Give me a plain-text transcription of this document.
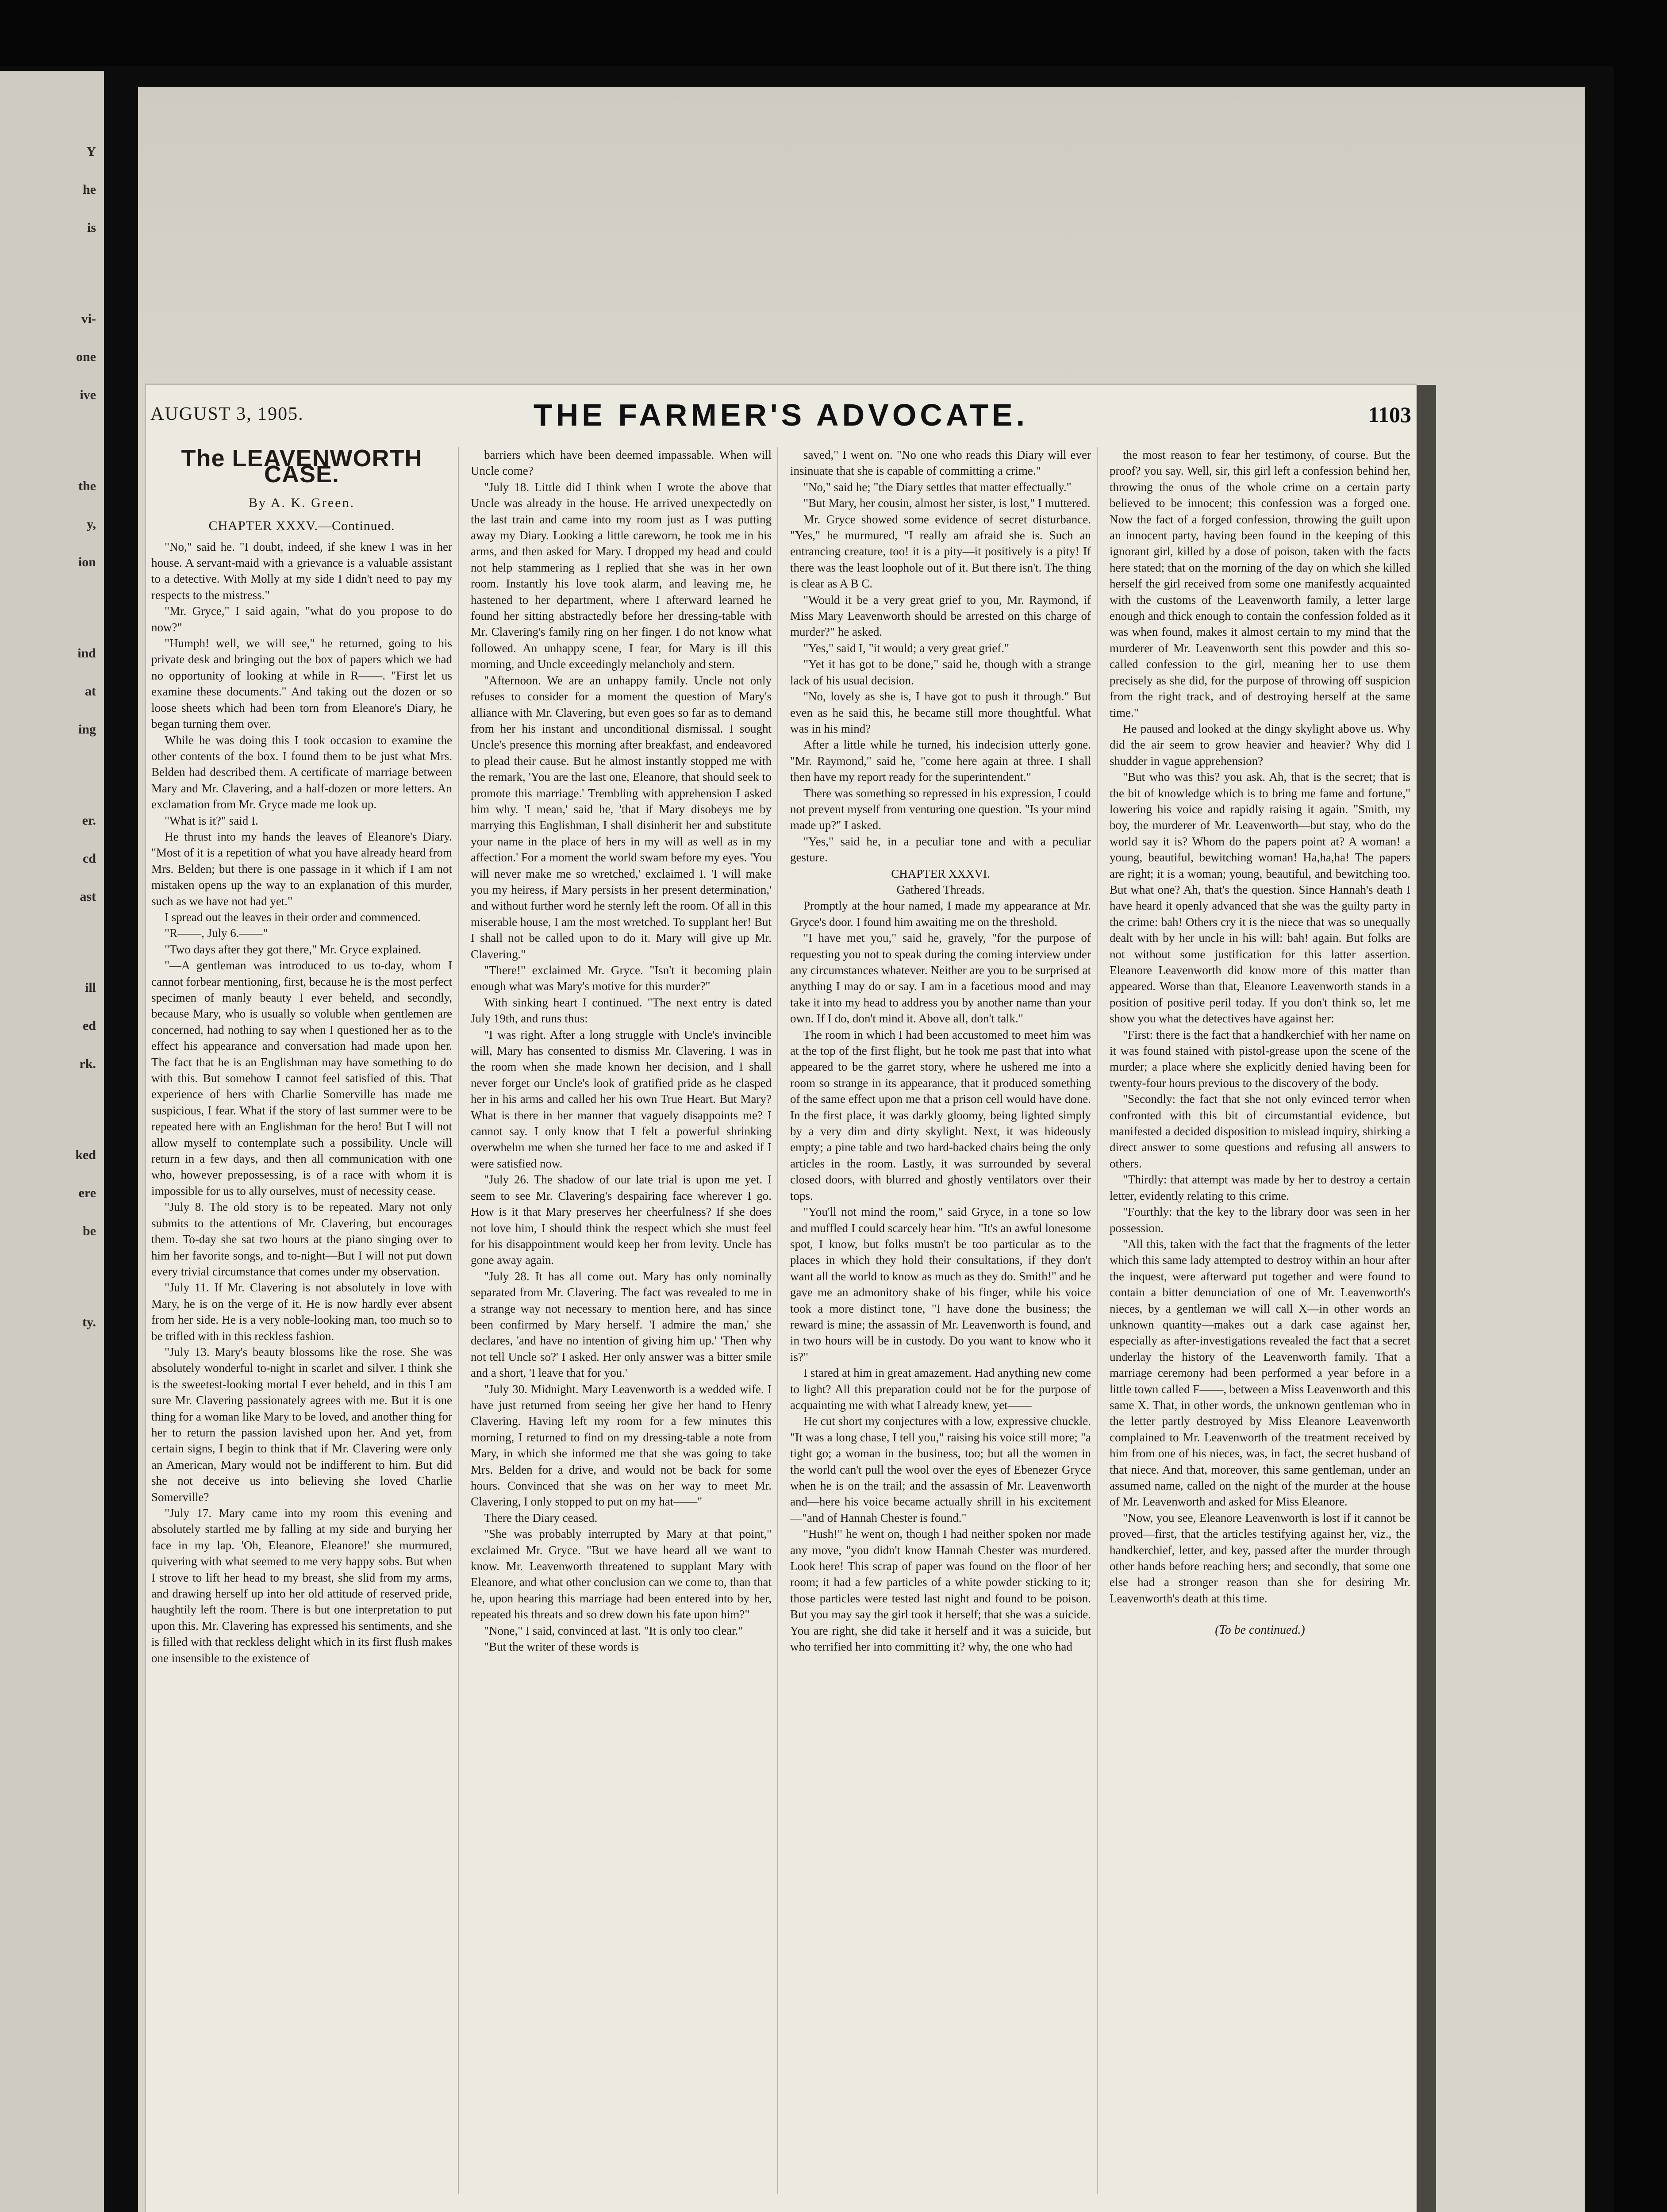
Y
he
is
vi-
one
ive
the
y,
ion
ind
at
ing
er.
cd
ast
ill
ed
rk.
ked
ere
be
ty.
AUGUST 3, 1905.	THE FARMER'S ADVOCATE.	1103
The LEAVENWORTH CASE.
By A. K. Green.
CHAPTER XXXV.—Continued.

"No," said he. "I doubt, indeed, if she knew I was in her house. A servant-maid with a grievance is a valuable assistant to a detective. With Molly at my side I didn't need to pay my respects to the mistress."

"Mr. Gryce," I said again, "what do you propose to do now?"

"Humph! well, we will see," he returned, going to his private desk and bringing out the box of papers which we had no opportunity of looking at while in R——. "First let us examine these documents." And taking out the dozen or so loose sheets which had been torn from Eleanore's Diary, he began turning them over.

While he was doing this I took occasion to examine the other contents of the box. I found them to be just what Mrs. Belden had described them. A certificate of marriage between Mary and Mr. Clavering, and a half-dozen or more letters. An exclamation from Mr. Gryce made me look up.

"What is it?" said I.

He thrust into my hands the leaves of Eleanore's Diary. "Most of it is a repetition of what you have already heard from Mrs. Belden; but there is one passage in it which if I am not mistaken opens up the way to an explanation of this murder, such as we have not had yet."

I spread out the leaves in their order and commenced.

"R——, July 6.——"

"Two days after they got there," Mr. Gryce explained.

"—A gentleman was introduced to us to-day, whom I cannot forbear mentioning, first, because he is the most perfect specimen of manly beauty I ever beheld, and secondly, because Mary, who is usually so voluble when gentlemen are concerned, had nothing to say when I questioned her as to the effect his appearance and conversation had made upon her. The fact that he is an Englishman may have something to do with this. But somehow I cannot feel satisfied of this. That experience of hers with Charlie Somerville has made me suspicious, I fear. What if the story of last summer were to be repeated here with an Englishman for the hero! But I will not allow myself to contemplate such a possibility. Uncle will return in a few days, and then all communication with one who, however prepossessing, is of a race with whom it is impossible for us to ally ourselves, must of necessity cease.

"July 8. The old story is to be repeated. Mary not only submits to the attentions of Mr. Clavering, but encourages them. To-day she sat two hours at the piano singing over to him her favorite songs, and to-night—But I will not put down every trivial circumstance that comes under my observation.

"July 11. If Mr. Clavering is not absolutely in love with Mary, he is on the verge of it. He is now hardly ever absent from her side. He is a very noble-looking man, too much so to be trifled with in this reckless fashion.

"July 13. Mary's beauty blossoms like the rose. She was absolutely wonderful to-night in scarlet and silver. I think she is the sweetest-looking mortal I ever beheld, and in this I am sure Mr. Clavering passionately agrees with me. But it is one thing for a woman like Mary to be loved, and another thing for her to return the passion lavished upon her. And yet, from certain signs, I begin to think that if Mr. Clavering were only an American, Mary would not be indifferent to him. But did she not deceive us into believing she loved Charlie Somerville?

"July 17. Mary came into my room this evening and absolutely startled me by falling at my side and burying her face in my lap. 'Oh, Eleanore, Eleanore!' she murmured, quivering with what seemed to me very happy sobs. But when I strove to lift her head to my breast, she slid from my arms, and drawing herself up into her old attitude of reserved pride, haughtily left the room. There is but one interpretation to put upon this. Mr. Clavering has expressed his sentiments, and she is filled with that reckless delight which in its first flush makes one insensible to the existence of

barriers which have been deemed impassable. When will Uncle come?

"July 18. Little did I think when I wrote the above that Uncle was already in the house. He arrived unexpectedly on the last train and came into my room just as I was putting away my Diary. Looking a little careworn, he took me in his arms, and then asked for Mary. I dropped my head and could not help stammering as I replied that she was in her own room. Instantly his love took alarm, and leaving me, he hastened to her department, where I afterward learned he found her sitting abstractedly before her dressing-table with Mr. Clavering's family ring on her finger. I do not know what followed. An unhappy scene, I fear, for Mary is ill this morning, and Uncle exceedingly melancholy and stern.

"Afternoon. We are an unhappy family. Uncle not only refuses to consider for a moment the question of Mary's alliance with Mr. Clavering, but even goes so far as to demand from her his instant and unconditional dismissal. I sought Uncle's presence this morning after breakfast, and endeavored to plead their cause. But he almost instantly stopped me with the remark, 'You are the last one, Eleanore, that should seek to promote this marriage.' Trembling with apprehension I asked him why. 'I mean,' said he, 'that if Mary disobeys me by marrying this Englishman, I shall disinherit her and substitute your name in the place of hers in my will as well as in my affection.' For a moment the world swam before my eyes. 'You will never make me so wretched,' exclaimed I. 'I will make you my heiress, if Mary persists in her present determination,' and without further word he sternly left the room. Of all in this miserable house, I am the most wretched. To supplant her! But I shall not be called upon to do it. Mary will give up Mr. Clavering."

"There!" exclaimed Mr. Gryce. "Isn't it becoming plain enough what was Mary's motive for this murder?"

With sinking heart I continued. "The next entry is dated July 19th, and runs thus:

"I was right. After a long struggle with Uncle's invincible will, Mary has consented to dismiss Mr. Clavering. I was in the room when she made known her decision, and I shall never forget our Uncle's look of gratified pride as he clasped her in his arms and called her his own True Heart. But Mary? What is there in her manner that vaguely disappoints me? I cannot say. I only know that I felt a powerful shrinking overwhelm me when she turned her face to me and asked if I were satisfied now.

"July 26. The shadow of our late trial is upon me yet. I seem to see Mr. Clavering's despairing face wherever I go. How is it that Mary preserves her cheerfulness? If she does not love him, I should think the respect which she must feel for his disappointment would keep her from levity. Uncle has gone away again.

"July 28. It has all come out. Mary has only nominally separated from Mr. Clavering. The fact was revealed to me in a strange way not necessary to mention here, and has since been confirmed by Mary herself. 'I admire the man,' she declares, 'and have no intention of giving him up.' 'Then why not tell Uncle so?' I asked. Her only answer was a bitter smile and a short, 'I leave that for you.'

"July 30. Midnight. Mary Leavenworth is a wedded wife. I have just returned from seeing her give her hand to Henry Clavering. Having left my room for a few minutes this morning, I returned to find on my dressing-table a note from Mary, in which she informed me that she was going to take Mrs. Belden for a drive, and would not be back for some hours. Convinced that she was on her way to meet Mr. Clavering, I only stopped to put on my hat——"

There the Diary ceased.

"She was probably interrupted by Mary at that point," exclaimed Mr. Gryce. "But we have heard all we want to know. Mr. Leavenworth threatened to supplant Mary with Eleanore, and what other conclusion can we come to, than that he, upon hearing this marriage had been entered into by her, repeated his threats and so drew down his fate upon him?"

"None," I said, convinced at last. "It is only too clear."

"But the writer of these words is

saved," I went on. "No one who reads this Diary will ever insinuate that she is capable of committing a crime."

"No," said he; "the Diary settles that matter effectually."

"But Mary, her cousin, almost her sister, is lost," I muttered.

Mr. Gryce showed some evidence of secret disturbance. "Yes," he murmured, "I really am afraid she is. Such an entrancing creature, too! it is a pity—it positively is a pity! If there was the least loophole out of it. But there isn't. The thing is clear as A B C.

"Would it be a very great grief to you, Mr. Raymond, if Miss Mary Leavenworth should be arrested on this charge of murder?" he asked.

"Yes," said I, "it would; a very great grief."

"Yet it has got to be done," said he, though with a strange lack of his usual decision.

"No, lovely as she is, I have got to push it through." But even as he said this, he became still more thoughtful. What was in his mind?

After a little while he turned, his indecision utterly gone. "Mr. Raymond," said he, "come here again at three. I shall then have my report ready for the superintendent."

There was something so repressed in his expression, I could not prevent myself from venturing one question. "Is your mind made up?" I asked.

"Yes," said he, in a peculiar tone and with a peculiar gesture.

CHAPTER XXXVI.

Gathered Threads.

Promptly at the hour named, I made my appearance at Mr. Gryce's door. I found him awaiting me on the threshold.

"I have met you," said he, gravely, "for the purpose of requesting you not to speak during the coming interview under any circumstances whatever. Neither are you to be surprised at anything I may do or say. I am in a facetious mood and may take it into my head to address you by another name than your own. If I do, don't mind it. Above all, don't talk."

The room in which I had been accustomed to meet him was at the top of the first flight, but he took me past that into what appeared to be the garret story, where he ushered me into a room so strange in its appearance, that it produced something of the same effect upon me that a prison cell would have done. In the first place, it was darkly gloomy, being lighted simply by a very dim and dirty skylight. Next, it was hideously empty; a pine table and two hard-backed chairs being the only articles in the room. Lastly, it was surrounded by several closed doors, with blurred and ghostly ventilators over their tops.

"You'll not mind the room," said Gryce, in a tone so low and muffled I could scarcely hear him. "It's an awful lonesome spot, I know, but folks mustn't be too particular as to the places in which they hold their consultations, if they don't want all the world to know as much as they do. Smith!" and he gave me an admonitory shake of his finger, while his voice took a more distinct tone, "I have done the business; the reward is mine; the assassin of Mr. Leavenworth is found, and in two hours will be in custody. Do you want to know who it is?"

I stared at him in great amazement. Had anything new come to light? All this preparation could not be for the purpose of acquainting me with what I already knew, yet——

He cut short my conjectures with a low, expressive chuckle. "It was a long chase, I tell you," raising his voice still more; "a tight go; a woman in the business, too; but all the women in the world can't pull the wool over the eyes of Ebenezer Gryce when he is on the trail; and the assassin of Mr. Leavenworth and—here his voice became actually shrill in his excitement—"and of Hannah Chester is found."

"Hush!" he went on, though I had neither spoken nor made any move, "you didn't know Hannah Chester was murdered. Look here! This scrap of paper was found on the floor of her room; it had a few particles of a white powder sticking to it; those particles were tested last night and found to be poison. But you may say the girl took it herself; that she was a suicide. You are right, she did take it herself and it was a suicide, but who terrified her into committing it? why, the one who had

the most reason to fear her testimony, of course. But the proof? you say. Well, sir, this girl left a confession behind her, throwing the onus of the whole crime on a certain party believed to be innocent; this confession was a forged one. Now the fact of a forged confession, throwing the guilt upon an innocent party, having been found in the keeping of this ignorant girl, killed by a dose of poison, taken with the facts here stated; that on the morning of the day on which she killed herself the girl received from some one manifestly acquainted with the customs of the Leavenworth family, a letter large enough and thick enough to contain the confession folded as it was when found, makes it almost certain to my mind that the murderer of Mr. Leavenworth sent this powder and this so-called confession to the girl, meaning her to use them precisely as she did, for the purpose of throwing off suspicion from the right track, and of destroying herself at the same time."

He paused and looked at the dingy skylight above us. Why did the air seem to grow heavier and heavier? Why did I shudder in vague apprehension?

"But who was this? you ask. Ah, that is the secret; that is the bit of knowledge which is to bring me fame and fortune," lowering his voice and rapidly raising it again. "Smith, my boy, the murderer of Mr. Leavenworth—but stay, who do the world say it is? Whom do the papers point at? A woman! a young, beautiful, bewitching woman! Ha,ha,ha! The papers are right; it is a woman; young, beautiful, and bewitching too. But what one? Ah, that's the question. Since Hannah's death I have heard it openly advanced that she was the guilty party in the crime: bah! Others cry it is the niece that was so unequally dealt with by her uncle in his will: bah! again. But folks are not without some justification for this latter assertion. Eleanore Leavenworth did know more of this matter than appeared. Worse than that, Eleanore Leavenworth stands in a position of positive peril today. If you don't think so, let me show you what the detectives have against her:

"First: there is the fact that a handkerchief with her name on it was found stained with pistol-grease upon the scene of the murder; a place where she explicitly denied having been for twenty-four hours previous to the discovery of the body.

"Secondly: the fact that she not only evinced terror when confronted with this bit of circumstantial evidence, but manifested a decided disposition to mislead inquiry, shirking a direct answer to some questions and refusing all answers to others.

"Thirdly: that attempt was made by her to destroy a certain letter, evidently relating to this crime.

"Fourthly: that the key to the library door was seen in her possession.

"All this, taken with the fact that the fragments of the letter which this same lady attempted to destroy within an hour after the inquest, were afterward put together and were found to contain a bitter denunciation of one of Mr. Leavenworth's nieces, by a gentleman we will call X—in other words an unknown quantity—makes out a dark case against her, especially as after-investigations revealed the fact that a secret underlay the history of the Leavenworth family. That a marriage ceremony had been performed a year before in a little town called F——, between a Miss Leavenworth and this same X. That, in other words, the unknown gentleman who in the letter partly destroyed by Miss Eleanore Leavenworth complained to Mr. Leavenworth of the treatment received by him from one of his nieces, was, in fact, the secret husband of that niece. And that, moreover, this same gentleman, under an assumed name, called on the night of the murder at the house of Mr. Leavenworth and asked for Miss Eleanore.

"Now, you see, Eleanore Leavenworth is lost if it cannot be proved—first, that the articles testifying against her, viz., the handkerchief, letter, and key, passed after the murder through other hands before reaching hers; and secondly, that some one else had a stronger reason than she for desiring Mr. Leavenworth's death at this time.

(To be continued.)
